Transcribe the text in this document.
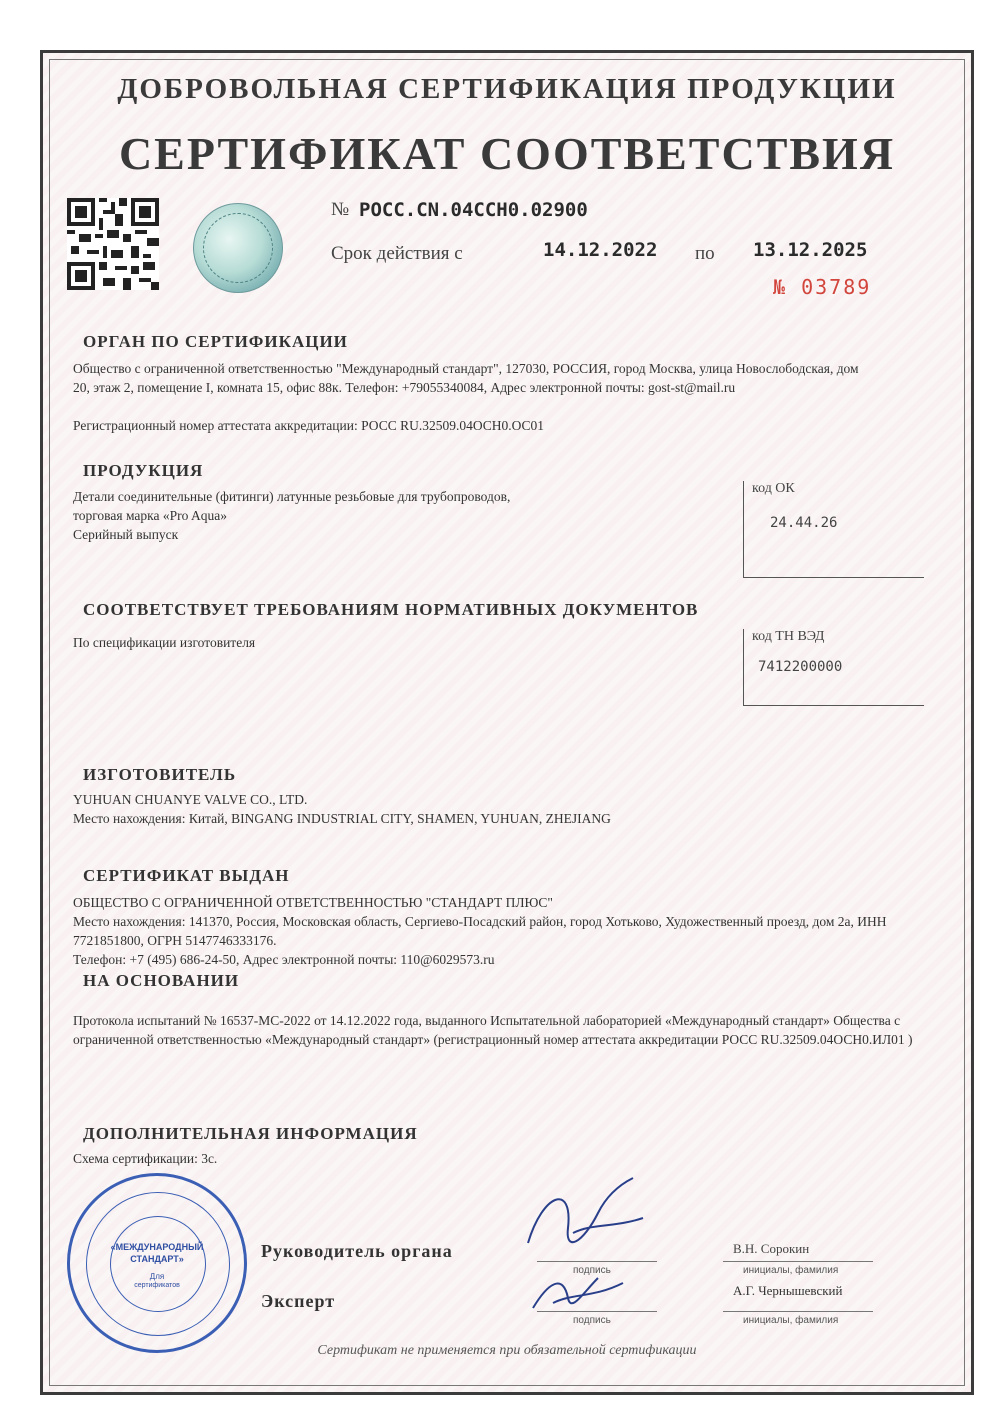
ДОБРОВОЛЬНАЯ СЕРТИФИКАЦИЯ ПРОДУКЦИИ
СЕРТИФИКАТ СООТВЕТСТВИЯ
№ РОСС.CN.04ССН0.02900
Срок действия с	14.12.2022 по 13.12.2025
№ 03789
ОРГАН ПО СЕРТИФИКАЦИИ
Общество с ограниченной ответственностью "Международный стандарт", 127030, РОССИЯ, город Москва, улица Новослободская, дом 20, этаж 2, помещение I, комната 15, офис 88к. Телефон: +79055340084, Адрес электронной почты: gost-st@mail.ru
Регистрационный номер аттестата аккредитации: РОСС RU.32509.04ОСН0.ОС01
ПРОДУКЦИЯ
Детали соединительные (фитинги) латунные резьбовые для трубопроводов,
торговая марка «Pro Aqua»
Серийный выпуск
код ОК
24.44.26
СООТВЕТСТВУЕТ ТРЕБОВАНИЯМ НОРМАТИВНЫХ ДОКУМЕНТОВ
По спецификации изготовителя	код ТН ВЭД
7412200000
ИЗГОТОВИТЕЛЬ
YUHUAN CHUANYE VALVE CO., LTD.
Место нахождения: Китай, BINGANG INDUSTRIAL CITY, SHAMEN, YUHUAN, ZHEJIANG
СЕРТИФИКАТ ВЫДАН
ОБЩЕСТВО С ОГРАНИЧЕННОЙ ОТВЕТСТВЕННОСТЬЮ "СТАНДАРТ ПЛЮС"
Место нахождения: 141370, Россия, Московская область, Сергиево-Посадский район, город Хотьково, Художественный проезд, дом 2а, ИНН 7721851800, ОГРН 5147746333176.
Телефон: +7 (495) 686-24-50, Адрес электронной почты: 110@6029573.ru
НА ОСНОВАНИИ
Протокола испытаний № 16537-МС-2022 от 14.12.2022 года, выданного Испытательной лабораторией «Международный стандарт» Общества с ограниченной ответственностью «Международный стандарт» (регистрационный номер аттестата аккредитации РОСС RU.32509.04ОСН0.ИЛ01 )
ДОПОЛНИТЕЛЬНАЯ ИНФОРМАЦИЯ
Схема сертификации: 3с.
«МЕЖДУНАРОДНЫЙ
СТАНДАРТ»
Для
сертификатов
Руководитель органа
подпись
В.Н. Сорокин
инициалы, фамилия
Эксперт
подпись
А.Г. Чернышевский
инициалы, фамилия
Сертификат не применяется при обязательной сертификации
